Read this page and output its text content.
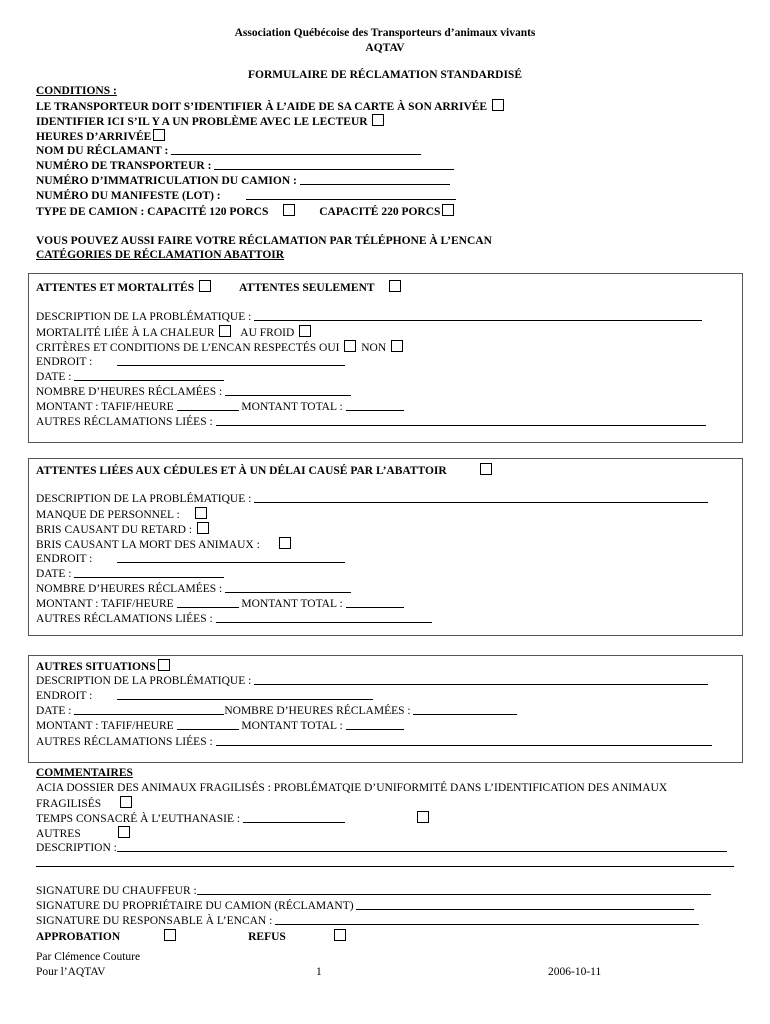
Association Québécoise des Transporteurs d’animaux vivants
AQTAV
FORMULAIRE DE RÉCLAMATION STANDARDISÉ
CONDITIONS :
LE TRANSPORTEUR DOIT S’IDENTIFIER À L’AIDE DE SA CARTE À SON ARRIVÉE
IDENTIFIER ICI S’IL Y A UN PROBLÈME AVEC LE LECTEUR
HEURES D’ARRIVÉE
NOM DU RÉCLAMANT :
NUMÉRO DE TRANSPORTEUR :
NUMÉRO D’IMMATRICULATION DU CAMION :
NUMÉRO DU MANIFESTE (LOT) :
TYPE DE CAMION : CAPACITÉ 120 PORCS	CAPACITÉ 220 PORCS
VOUS POUVEZ AUSSI FAIRE VOTRE RÉCLAMATION PAR TÉLÉPHONE À L’ENCAN
CATÉGORIES DE RÉCLAMATION ABATTOIR
ATTENTES ET MORTALITÉS	ATTENTES SEULEMENT
DESCRIPTION DE LA PROBLÉMATIQUE :
MORTALITÉ LIÉE À LA CHALEUR AU FROID
CRITÈRES ET CONDITIONS DE L’ENCAN RESPECTÉS OUI NON
ENDROIT :
DATE :
NOMBRE D’HEURES RÉCLAMÉES :
MONTANT : TAFIF/HEURE	MONTANT TOTAL :
AUTRES RÉCLAMATIONS LIÉES :
ATTENTES LIÉES AUX CÉDULES ET À UN DÉLAI CAUSÉ PAR L’ABATTOIR
DESCRIPTION DE LA PROBLÉMATIQUE :
MANQUE DE PERSONNEL :
BRIS CAUSANT DU RETARD :
BRIS CAUSANT LA MORT DES ANIMAUX :
ENDROIT :
DATE :
NOMBRE D’HEURES RÉCLAMÉES :
MONTANT : TAFIF/HEURE	MONTANT TOTAL :
AUTRES RÉCLAMATIONS LIÉES :
AUTRES SITUATIONS
DESCRIPTION DE LA PROBLÉMATIQUE :
ENDROIT :
DATE :	NOMBRE D’HEURES RÉCLAMÉES :
MONTANT : TAFIF/HEURE	MONTANT TOTAL :
AUTRES RÉCLAMATIONS LIÉES :
COMMENTAIRES
ACIA DOSSIER DES ANIMAUX FRAGILISÉS : PROBLÉMATQIE D’UNIFORMITÉ DANS L’IDENTIFICATION DES ANIMAUX
FRAGILISÉS
TEMPS CONSACRÉ À L’EUTHANASIE :
AUTRES
DESCRIPTION :
SIGNATURE DU CHAUFFEUR :
SIGNATURE DU PROPRIÉTAIRE DU CAMION (RÉCLAMANT)
SIGNATURE DU RESPONSABLE À L’ENCAN :
APPROBATION	REFUS
Par Clémence Couture
Pour l’AQTAV	1	2006-10-11
